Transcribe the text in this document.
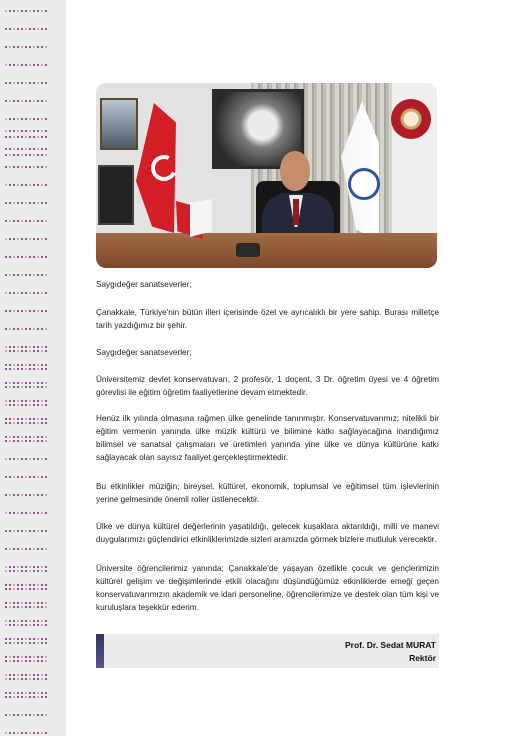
Saygıdeğer sanatseverler;

Çanakkale, Türkiye'nin bütün illeri içerisinde özel ve ayrıcalıklı bir yere sahip. Burası milletçe tarih yazdığımız bir şehir.

Saygıdeğer sanatseverler;

Üniversitemiz devlet konservatuvarı, 2 profesör, 1 doçent, 3 Dr. öğretim üyesi ve 4 öğretim görevlisi ile eğitim öğretim faaliyetlerine devam etmektedir.

Henüz ilk yılında olmasına rağmen ülke genelinde tanınmıştır. Konservatuvarımız; nitelikli bir eğitim vermenin yanında ülke müzik kültürü ve bilimine katkı sağlayacağına inandığımız bilimsel ve sanatsal çalışmaları ve üretimleri yanında yine ülke ve dünya kültürüne katkı sağlayacak olan sayısız faaliyet gerçekleştirmektedir.

Bu etkinlikler müziğin; bireysel, kültürel, ekonomik, toplumsal ve eğitimsel tüm işlevlerinin yerine gelmesinde önemli roller üstlenecektir.

Ülke ve dünya kültürel değerlerinin yaşatıldığı, gelecek kuşaklara aktarıldığı, milli ve manevi duygularımızı güçlendirici etkinliklerimizde sizleri aramızda görmek bizlere mutluluk verecektir.

Üniversite öğrencilerimiz yanında; Çanakkale'de yaşayan özellikle çocuk ve gençlerimizin kültürel gelişim ve değişimlerinde etkili olacağını düşündüğümüz etkinliklerde emeği geçen konservatuvarımızın akademik ve idari personeline, öğrencilerimize ve destek olan tüm kişi ve kuruluşlara teşekkür ederim.

Prof. Dr. Sedat MURAT
Rektör
